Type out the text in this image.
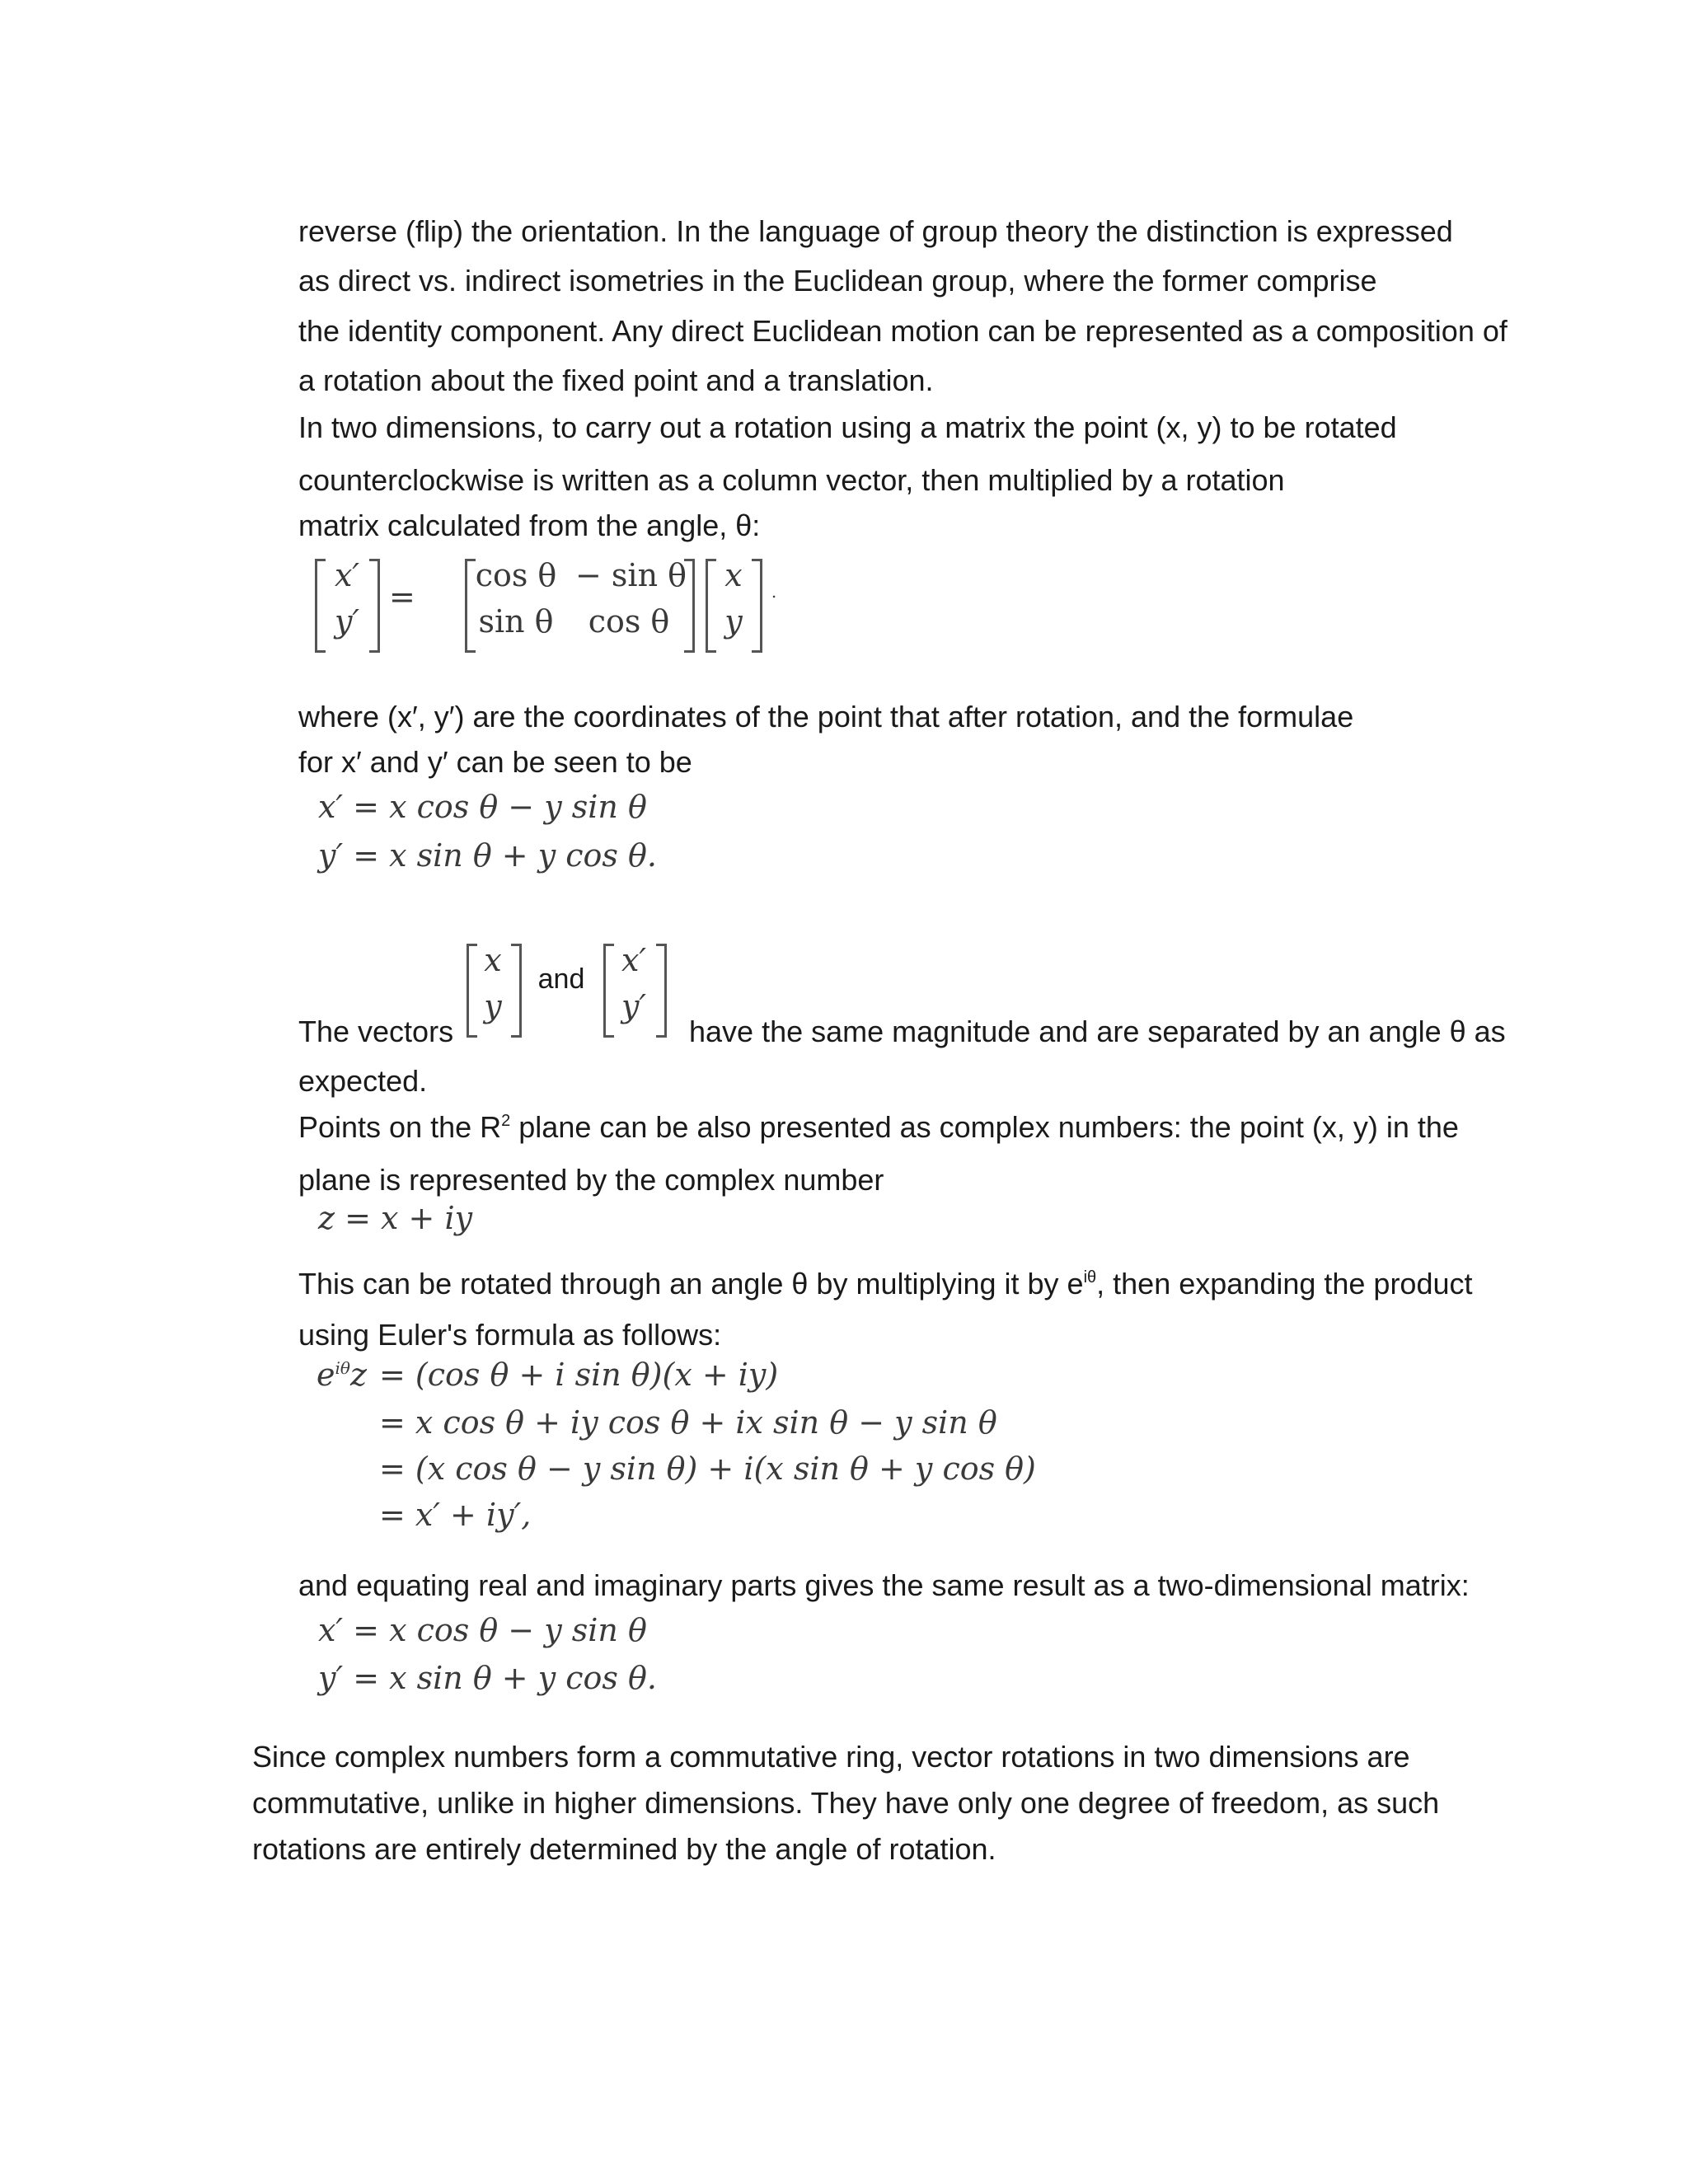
reverse (flip) the orientation. In the language of group theory the distinction is expressed
as direct vs. indirect isometries in the Euclidean group, where the former comprise
the identity component. Any direct Euclidean motion can be represented as a composition of
a rotation about the fixed point and a translation.
In two dimensions, to carry out a rotation using a matrix the point (x, y) to be rotated
counterclockwise is written as a column vector, then multiplied by a rotation
matrix calculated from the angle, θ:
x′
y′
=
cos θ − sin θ
sin θ	cos θ
x
y
.
where (x′, y′) are the coordinates of the point that after rotation, and the formulae
for x′ and y′ can be seen to be
x′ = x cos θ − y sin θ
y′ = x sin θ + y cos θ.
The vectors
x
y
and
x′
y′
have the same magnitude and are separated by an angle θ as
expected.
Points on the $R^2$ plane can be also presented as complex numbers: the point (x, y) in the
plane is represented by the complex number
z = x + iy
This can be rotated through an angle θ by multiplying it by $e^{i\theta}$, then expanding the product
using Euler's formula as follows:
$e^{i\theta}z = (\cos$ θ + i sin θ)(x + iy)
= x cos θ + iy cos θ + ix sin θ − y sin θ
= (x cos θ − y sin θ) + i(x sin θ + y cos θ)
= x′ + iy′,
and equating real and imaginary parts gives the same result as a two-dimensional matrix:
x′ = x cos θ − y sin θ
y′ = x sin θ + y cos θ.
Since complex numbers form a commutative ring, vector rotations in two dimensions are
commutative, unlike in higher dimensions. They have only one degree of freedom, as such
rotations are entirely determined by the angle of rotation.
